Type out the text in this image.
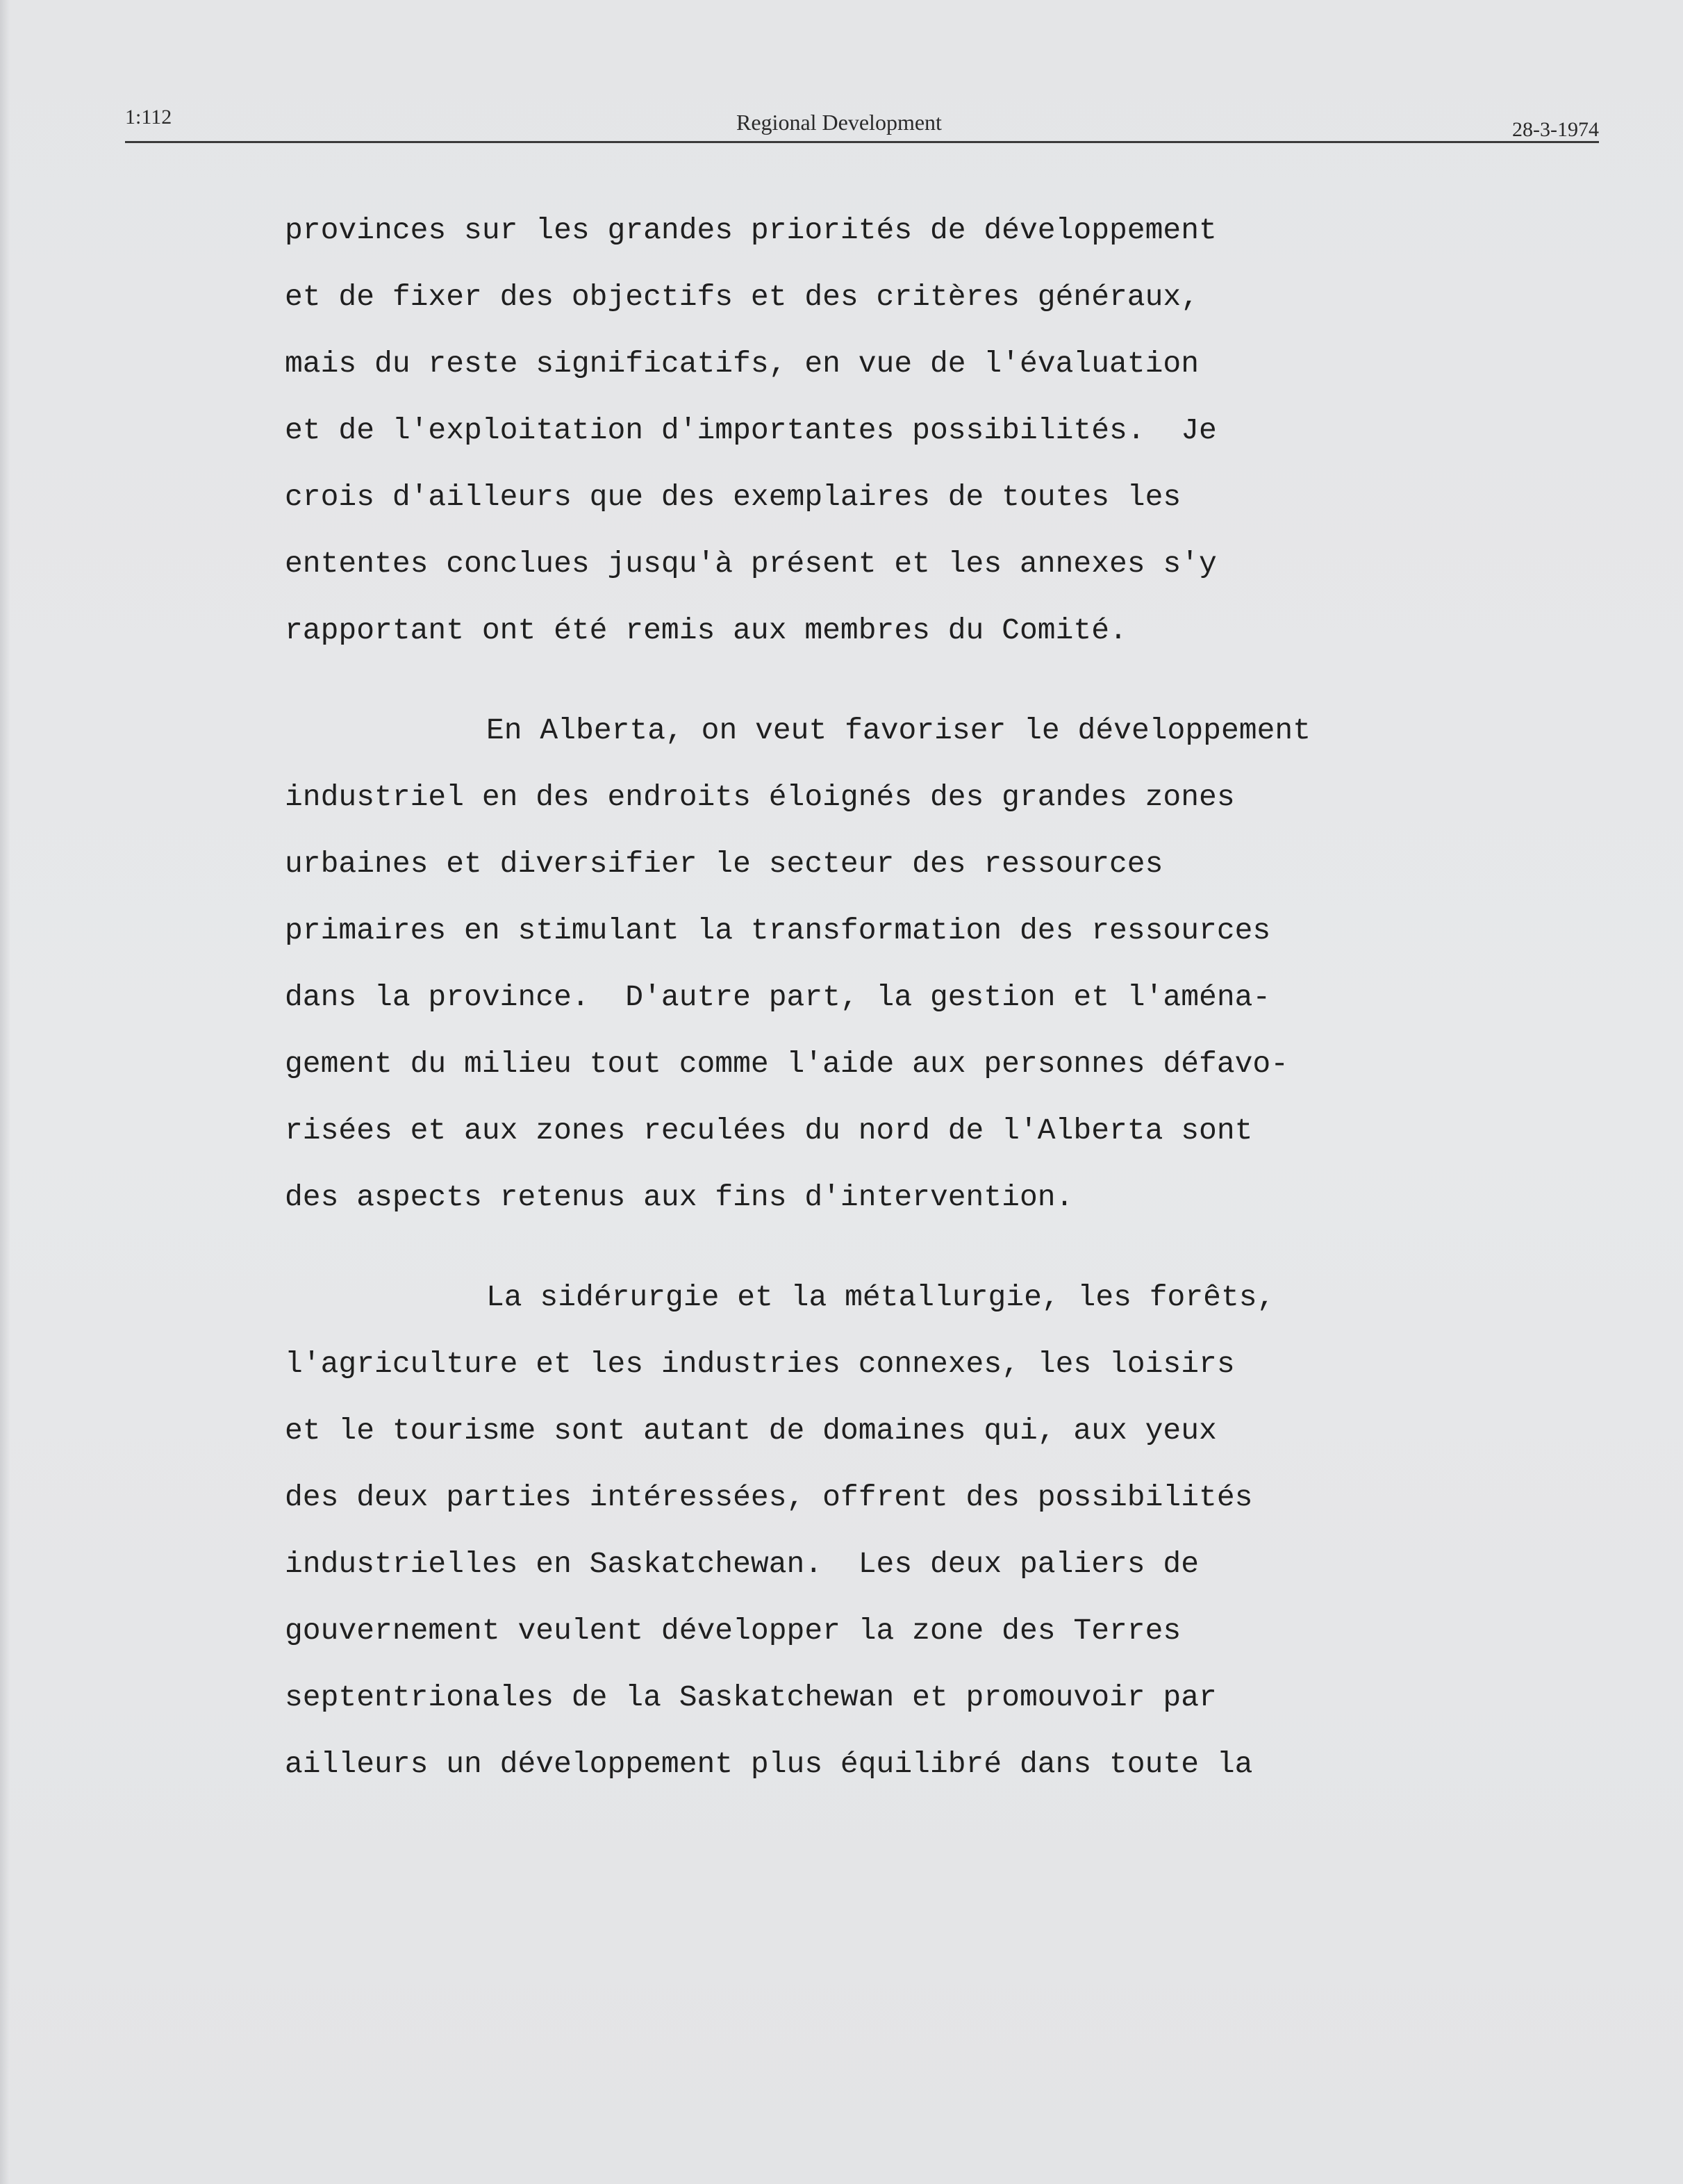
1:112	Regional Development	28-3-1974
provinces sur les grandes priorités de développement
et de fixer des objectifs et des critères généraux,
mais du reste significatifs, en vue de l'évaluation
et de l'exploitation d'importantes possibilités.  Je
crois d'ailleurs que des exemplaires de toutes les
ententes conclues jusqu'à présent et les annexes s'y
rapportant ont été remis aux membres du Comité.
En Alberta, on veut favoriser le développement
industriel en des endroits éloignés des grandes zones
urbaines et diversifier le secteur des ressources
primaires en stimulant la transformation des ressources
dans la province.  D'autre part, la gestion et l'aména-
gement du milieu tout comme l'aide aux personnes défavo-
risées et aux zones reculées du nord de l'Alberta sont
des aspects retenus aux fins d'intervention.
La sidérurgie et la métallurgie, les forêts,
l'agriculture et les industries connexes, les loisirs
et le tourisme sont autant de domaines qui, aux yeux
des deux parties intéressées, offrent des possibilités
industrielles en Saskatchewan.  Les deux paliers de
gouvernement veulent développer la zone des Terres
septentrionales de la Saskatchewan et promouvoir par
ailleurs un développement plus équilibré dans toute la
